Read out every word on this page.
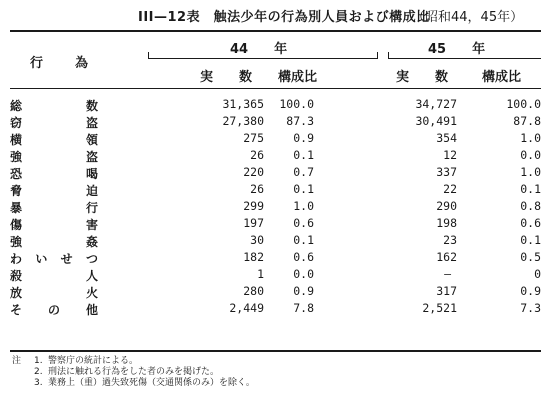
III—12表　触法少年の行為別人員および構成比
（昭和44，45年）
行　　為
44　　年	45　　年
実　　数 構成比	実　　数	構成比
総数	31,365 100.0	34,727	100.0
窃盗	27,380 87.3	30,491	87.8
横領	275	0.9	354	1.0
強盗	26	0.1	12	0.0
恐喝	220	0.7	337	1.0
脅迫	26	0.1	22	0.1
暴行	299	1.0	290	0.8
傷害	197	0.6	198	0.6
強姦	30	0.1	23	0.1
わいせつ	182	0.6	162	0.5
殺人	1	0.0	—	0
放火	280	0.9	317	0.9
その他	2,449	7.8	2,521	7.3
注 1. 警察庁の統計による。
2. 刑法に触れる行為をした者のみを掲げた。
3. 業務上（重）過失致死傷（交通関係のみ）を除く。
